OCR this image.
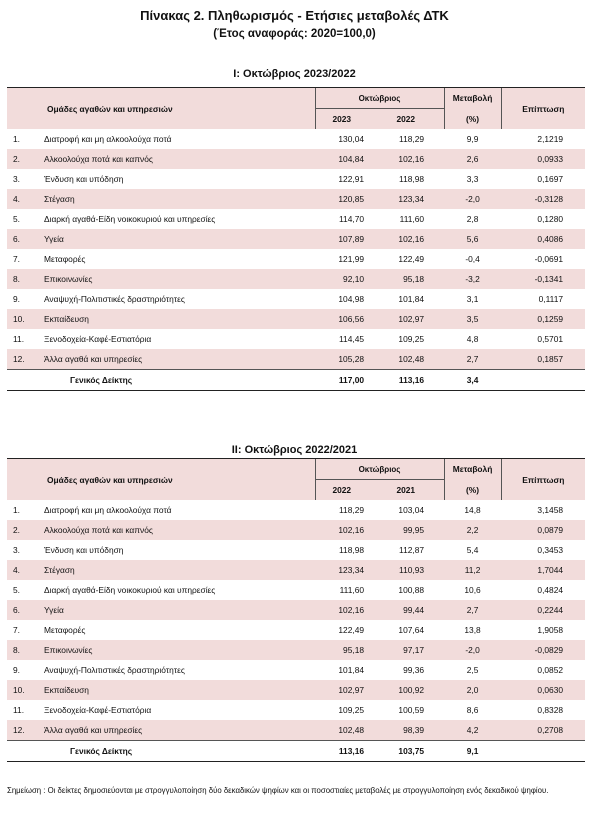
Πίνακας 2. Πληθωρισμός - Ετήσιες μεταβολές ΔΤΚ
(Έτος αναφοράς: 2020=100,0)
Ι: Οκτώβριος 2023/2022
Ομάδες αγαθών και υπηρεσιών		Οκτώβριος		Μεταβολή	Επίπτωση
		2023	2022	(%)	
1.	Διατροφή και μη αλκοολούχα ποτά	130,04	118,29	9,9	2,1219
2.	Αλκοολούχα ποτά και καπνός	104,84	102,16	2,6	0,0933
3.	Ένδυση και υπόδηση	122,91	118,98	3,3	0,1697
4.	Στέγαση	120,85	123,34	-2,0	-0,3128
5.	Διαρκή αγαθά-Είδη νοικοκυριού και υπηρεσίες	114,70	111,60	2,8	0,1280
6.	Υγεία	107,89	102,16	5,6	0,4086
7.	Μεταφορές	121,99	122,49	-0,4	-0,0691
8.	Επικοινωνίες	92,10	95,18	-3,2	-0,1341
9.	Αναψυχή-Πολιτιστικές δραστηριότητες	104,98	101,84	3,1	0,1117
10.	Εκπαίδευση	106,56	102,97	3,5	0,1259
11.	Ξενοδοχεία-Καφέ-Εστιατόρια	114,45	109,25	4,8	0,5701
12.	Άλλα αγαθά και υπηρεσίες	105,28	102,48	2,7	0,1857
	Γενικός Δείκτης	117,00	113,16	3,4	
ΙΙ: Οκτώβριος 2022/2021
Ομάδες αγαθών και υπηρεσιών		Οκτώβριος		Μεταβολή	Επίπτωση
		2022	2021	(%)	
1.	Διατροφή και μη αλκοολούχα ποτά	118,29	103,04	14,8	3,1458
2.	Αλκοολούχα ποτά και καπνός	102,16	99,95	2,2	0,0879
3.	Ένδυση και υπόδηση	118,98	112,87	5,4	0,3453
4.	Στέγαση	123,34	110,93	11,2	1,7044
5.	Διαρκή αγαθά-Είδη νοικοκυριού και υπηρεσίες	111,60	100,88	10,6	0,4824
6.	Υγεία	102,16	99,44	2,7	0,2244
7.	Μεταφορές	122,49	107,64	13,8	1,9058
8.	Επικοινωνίες	95,18	97,17	-2,0	-0,0829
9.	Αναψυχή-Πολιτιστικές δραστηριότητες	101,84	99,36	2,5	0,0852
10.	Εκπαίδευση	102,97	100,92	2,0	0,0630
11.	Ξενοδοχεία-Καφέ-Εστιατόρια	109,25	100,59	8,6	0,8328
12.	Άλλα αγαθά και υπηρεσίες	102,48	98,39	4,2	0,2708
	Γενικός Δείκτης	113,16	103,75	9,1	
Σημείωση : Οι δείκτες δημοσιεύονται με στρογγυλοποίηση δύο δεκαδικών ψηφίων και οι ποσοστιαίες μεταβολές με στρογγυλοποίηση ενός δεκαδικού ψηφίου.
